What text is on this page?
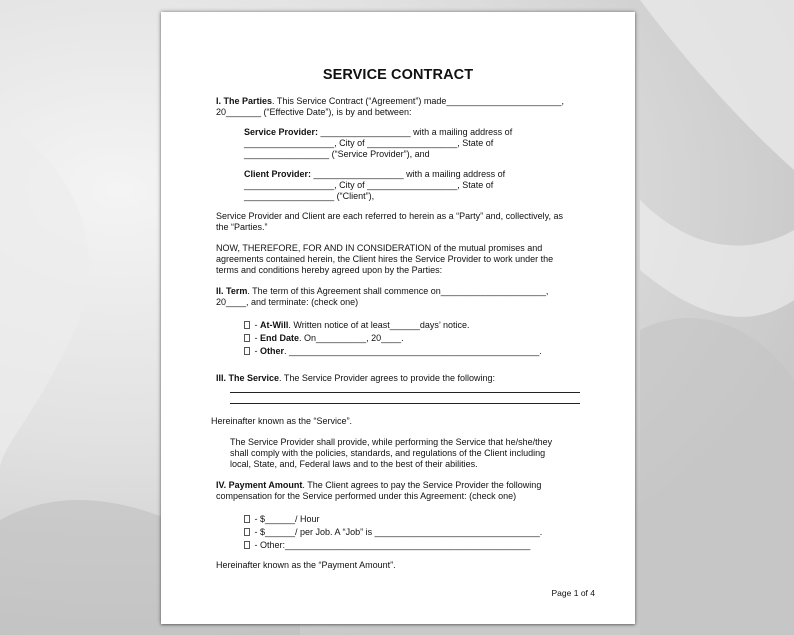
SERVICE CONTRACT
I. The Parties. This Service Contract (“Agreement”) made_______________________,
20_______ (“Effective Date”), is by and between:
Service Provider: __________________ with a mailing address of
__________________, City of __________________, State of
_________________ (“Service Provider”), and
Client Provider: __________________ with a mailing address of
__________________, City of __________________, State of
__________________ (“Client”),
Service Provider and Client are each referred to herein as a “Party” and, collectively, as
the “Parties.”
NOW, THEREFORE, FOR AND IN CONSIDERATION of the mutual promises and
agreements contained herein, the Client hires the Service Provider to work under the
terms and conditions hereby agreed upon by the Parties:
II. Term. The term of this Agreement shall commence on_____________________,
20____, and terminate: (check one)
- At-Will. Written notice of at least______days’ notice.
- End Date. On__________, 20____.
- Other. __________________________________________________.
III. The Service. The Service Provider agrees to provide the following:
Hereinafter known as the “Service”.
The Service Provider shall provide, while performing the Service that he/she/they
shall comply with the policies, standards, and regulations of the Client including
local, State, and, Federal laws and to the best of their abilities.
IV. Payment Amount. The Client agrees to pay the Service Provider the following
compensation for the Service performed under this Agreement: (check one)
- $______/ Hour
- $______/ per Job. A “Job” is _________________________________.
- Other:_________________________________________________
Hereinafter known as the “Payment Amount”.
Page 1 of 4
